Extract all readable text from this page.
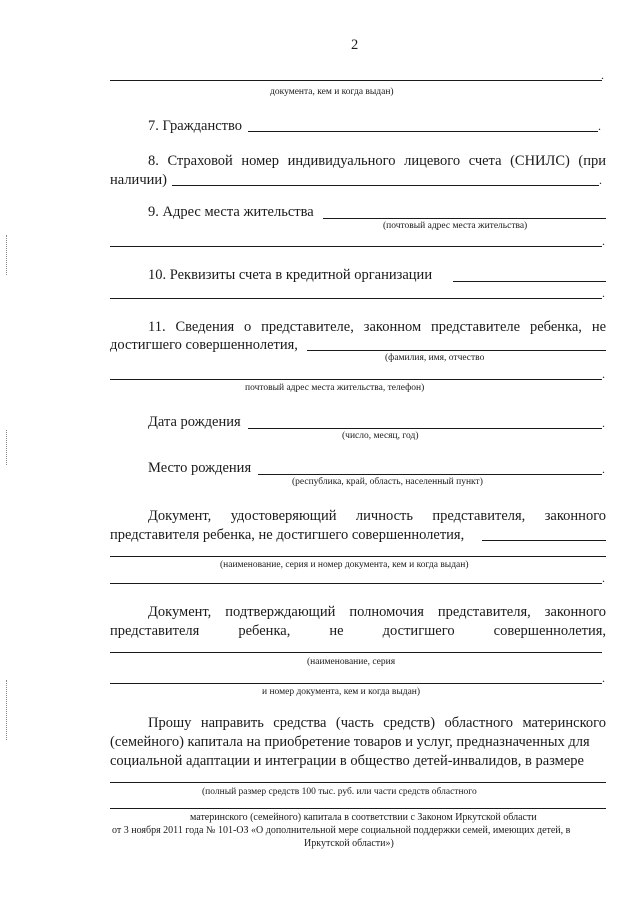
2
.
документа, кем и когда выдан)
7. Гражданство	.
8. Страховой номер индивидуального лицевого счета (СНИЛС) (при
наличии)	.
9. Адрес места жительства
(почтовый адрес места жительства)
.
10. Реквизиты счета в кредитной организации
.
11. Сведения о представителе, законном представителе ребенка, не
достигшего совершеннолетия,
(фамилия, имя, отчество
.
почтовый адрес места жительства, телефон)
Дата рождения	.
(число, месяц, год)
Место рождения	.
(республика, край, область, населенный пункт)
Документ, удостоверяющий личность представителя, законного
представителя ребенка, не достигшего совершеннолетия,
(наименование, серия и номер документа, кем и когда выдан)
.
Документ, подтверждающий полномочия представителя, законного
представителя	ребенка,	не	достигшего	совершеннолетия,
(наименование, серия
.
и номер документа, кем и когда выдан)
Прошу направить средства (часть средств) областного материнского
(семейного) капитала на приобретение товаров и услуг, предназначенных для
социальной адаптации и интеграции в общество детей-инвалидов, в размере
(полный размер средств 100 тыс. руб. или части средств областного
материнского (семейного) капитала в соответствии с Законом Иркутской области
от 3 ноября 2011 года № 101-ОЗ «О дополнительной мере социальной поддержки семей, имеющих детей, в
Иркутской области»)
